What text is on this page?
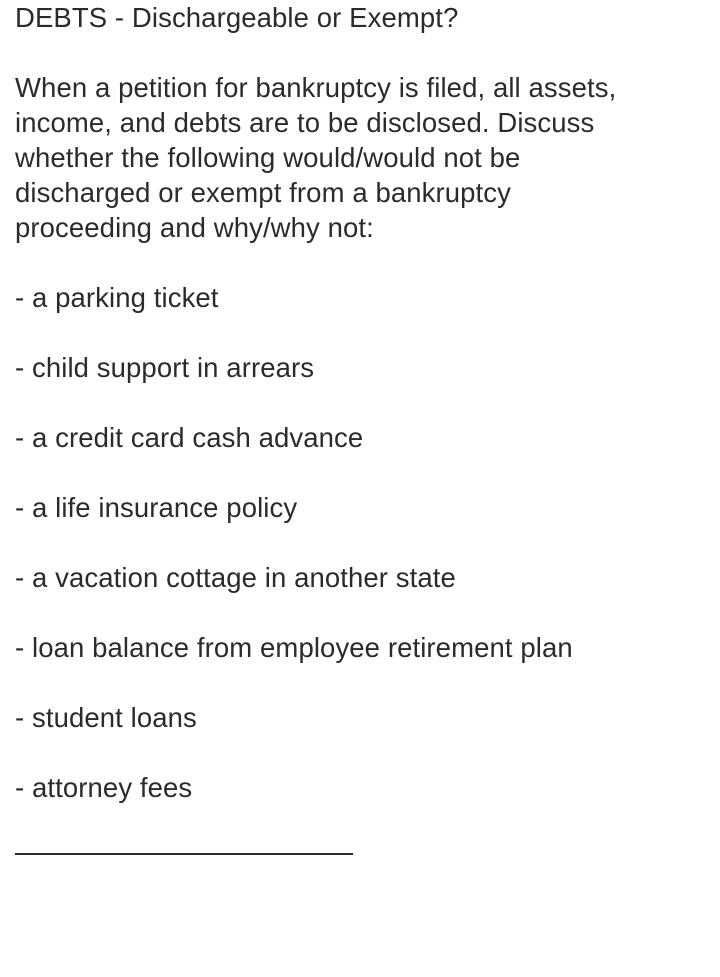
DEBTS - Dischargeable or Exempt?
When a petition for bankruptcy is filed, all assets,
income, and debts are to be disclosed. Discuss
whether the following would/would not be
discharged or exempt from a bankruptcy
proceeding and why/why not:
- a parking ticket
- child support in arrears
- a credit card cash advance
- a life insurance policy
- a vacation cottage in another state
- loan balance from employee retirement plan
- student loans
- attorney fees
